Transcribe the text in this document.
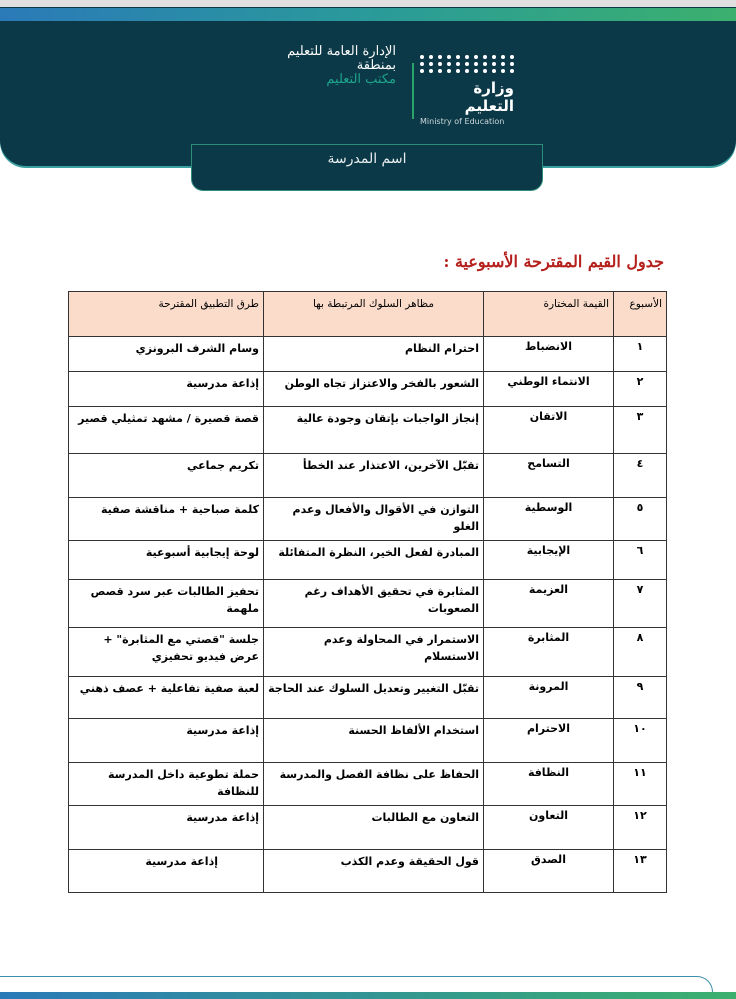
وزارة التعليم
Ministry of Education
الإدارة العامة للتعليم
بمنطقة
مكتب التعليم
اسم المدرسة
جدول القيم المقترحة الأسبوعية :
الأسبوع	القيمة المختارة	مظاهر السلوك المرتبطة بها	طرق التطبيق المقترحة
١	الانضباط	احترام النظام	وسام الشرف البرونزي
٢	الانتماء الوطني	الشعور بالفخر والاعتزاز تجاه الوطن	إذاعة مدرسية
٣	الاتقان	إنجاز الواجبات بإتقان وجودة عالية	قصة قصيرة / مشهد تمثيلي قصير
٤	التسامح	تقبّل الآخرين، الاعتذار عند الخطأ	تكريم جماعي
٥	الوسطية	التوازن في الأقوال والأفعال وعدم الغلو	كلمة صباحية + مناقشة صفية
٦	الإيجابية	المبادرة لفعل الخير، النظرة المتفائلة	لوحة إيجابية أسبوعية
٧	العزيمة	المثابرة في تحقيق الأهداف رغم الصعوبات	تحفيز الطالبات عبر سرد قصص ملهمة
٨	المثابرة	الاستمرار في المحاولة وعدم الاستسلام	جلسة "قصتي مع المثابرة" + عرض فيديو تحفيزي
٩	المرونة	تقبّل التغيير وتعديل السلوك عند الحاجة	لعبة صفية تفاعلية + عصف ذهني
١٠	الاحترام	استخدام الألفاظ الحسنة	إذاعة مدرسية
١١	النظافة	الحفاظ على نظافة الفصل والمدرسة	حملة تطوعية داخل المدرسة للنظافة
١٢	التعاون	التعاون مع الطالبات	إذاعة مدرسية
١٣	الصدق	قول الحقيقة وعدم الكذب	إذاعة مدرسية
